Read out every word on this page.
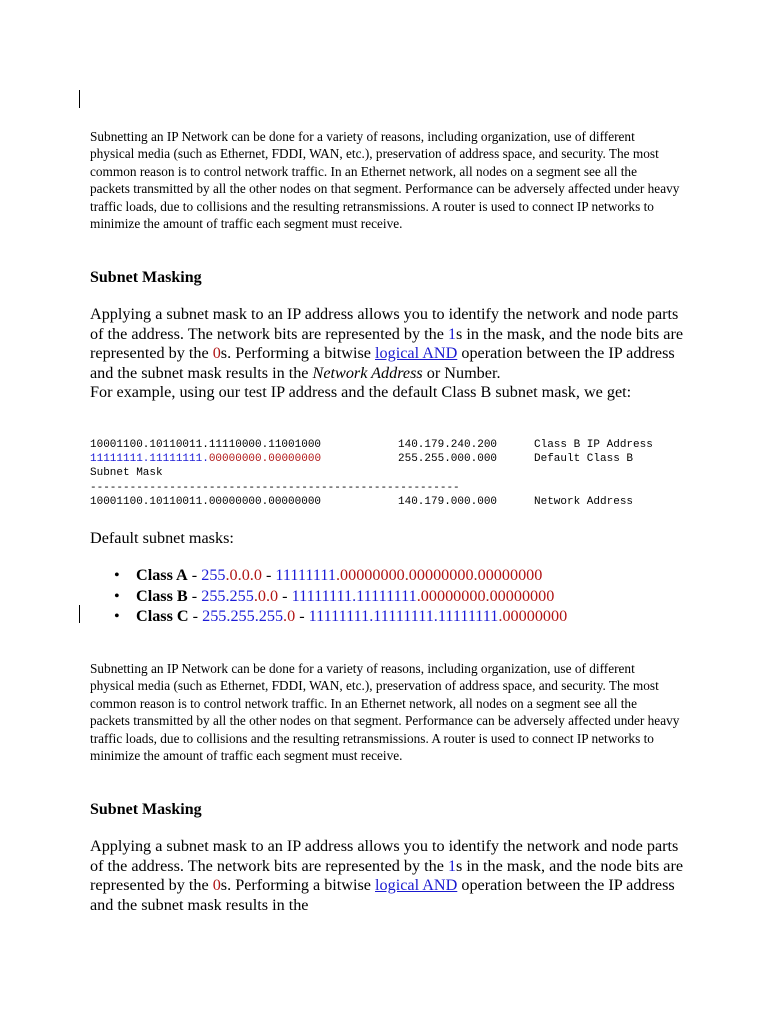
Subnetting an IP Network can be done for a variety of reasons, including organization, use of different physical media (such as Ethernet, FDDI, WAN, etc.), preservation of address space, and security. The most common reason is to control network traffic. In an Ethernet network, all nodes on a segment see all the packets transmitted by all the other nodes on that segment. Performance can be adversely affected under heavy traffic loads, due to collisions and the resulting retransmissions. A router is used to connect IP networks to minimize the amount of traffic each segment must receive.

Subnet Masking

Applying a subnet mask to an IP address allows you to identify the network and node parts of the address. The network bits are represented by the 1s in the mask, and the node bits are represented by the 0s. Performing a bitwise logical AND operation between the IP address and the subnet mask results in the Network Address or Number.
For example, using our test IP address and the default Class B subnet mask, we get:

10001100.10110011.11110000.11001000	140.179.240.200	Class B IP Address
11111111.11111111.00000000.00000000	255.255.000.000	Default Class B
Subnet Mask
--------------------------------------------------------
10001100.10110011.00000000.00000000	140.179.000.000	Network Address

Default subnet masks:

• Class A - 255.0.0.0 - 11111111.00000000.00000000.00000000
• Class B - 255.255.0.0 - 11111111.11111111.00000000.00000000
• Class C - 255.255.255.0 - 11111111.11111111.11111111.00000000

Subnetting an IP Network can be done for a variety of reasons, including organization, use of different physical media (such as Ethernet, FDDI, WAN, etc.), preservation of address space, and security. The most common reason is to control network traffic. In an Ethernet network, all nodes on a segment see all the packets transmitted by all the other nodes on that segment. Performance can be adversely affected under heavy traffic loads, due to collisions and the resulting retransmissions. A router is used to connect IP networks to minimize the amount of traffic each segment must receive.

Subnet Masking

Applying a subnet mask to an IP address allows you to identify the network and node parts of the address. The network bits are represented by the 1s in the mask, and the node bits are represented by the 0s. Performing a bitwise logical AND operation between the IP address and the subnet mask results in the
